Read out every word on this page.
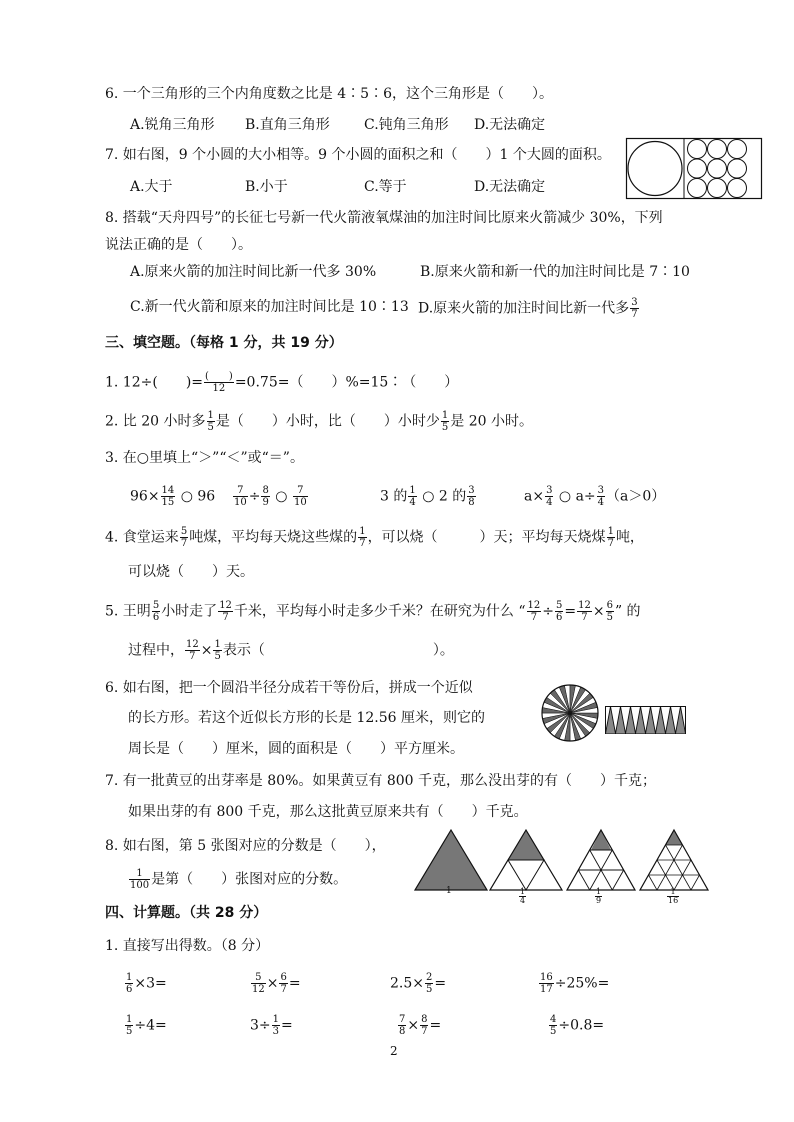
6. 一个三角形的三个内角度数之比是 4∶5∶6，这个三角形是（　　）。
A.锐角三角形 B.直角三角形 C.钝角三角形 D.无法确定
7. 如右图，9 个小圆的大小相等。9 个小圆的面积之和（　　）1 个大圆的面积。
A.大于	B.小于	C.等于	D.无法确定
8. 搭载“天舟四号”的长征七号新一代火箭液氧煤油的加注时间比原来火箭减少 30%，下列
说法正确的是（　　）。
A.原来火箭的加注时间比新一代多 30%	B.原来火箭和新一代的加注时间比是 7∶10
C.新一代火箭和原来的加注时间比是 10∶13 D.原来火箭的加注时间比新一代多 $\frac{3}{7}$
三、填空题。（每格 1 分，共 19 分）
1. 12÷(　　)= (　　)
12 =0.75=（　　）%=15∶（　　）
2. 比 20 小时多 $\frac{1}{5}$ 是（　　）小时，比（　　）小时少 $\frac{1}{5}$ 是 20 小时。
3. 在○里填上“＞”“＜”或“＝”。
$96\times \frac{14}{15}$ ○ $96 \frac{7}{10} \div \frac{8}{9}$ ○ $\frac{7}{10}$	3 的 $\frac{1}{4}$ ○ 2 的 $\frac{3}{8}$	$a\times \frac{3}{4}$ ○ $a\div \frac{3}{4} (a>0)$
4. 食堂运来 $\frac{5}{7}$ 吨煤，平均每天烧这些煤的 $\frac{1}{7}$ ，可以烧（　　　）天；平均每天烧煤 $\frac{1}{7}$ 吨，
可以烧（　　）天。
5. 王明 $\frac{5}{6}$ 小时走了 $\frac{12}{7}$ 千米，平均每小时走多少千米？在研究为什么 “ $\frac{12}{7} \div \frac{5}{6} = \frac{12}{7} \times \frac{6}{5}$ ” 的
过程中， $\frac{12}{7} \times \frac{1}{5}$ 表示（　　　　　　　　　　　　）。
6. 如右图，把一个圆沿半径分成若干等份后，拼成一个近似
的长方形。若这个近似长方形的长是 12.56 厘米，则它的
周长是（　　）厘米，圆的面积是（　　）平方厘米。
7. 有一批黄豆的出芽率是 80%。如果黄豆有 800 千克，那么没出芽的有（　　）千克；
如果出芽的有 800 千克，那么这批黄豆原来共有（　　）千克。
8. 如右图，第 5 张图对应的分数是（　　），
$\frac{1}{100}$ 是第（　　）张图对应的分数。
1	$\frac{1}{4}$	$\frac{1}{9}$	$\frac{1}{16}$
四、计算题。（共 28 分）
1. 直接写出得数。（8 分）
$\frac{1}{6} \times 3=$	$\frac{5}{12} \times \frac{6}{7}$ =	$2.5\times \frac{2}{5}$ =	$\frac{16}{17} \div 25\%=$
$\frac{1}{5} \div 4=$	$3\div \frac{1}{3}$ =	$\frac{7}{8} \times \frac{8}{7}$ =	$\frac{4}{5} \div 0.8=$
2
